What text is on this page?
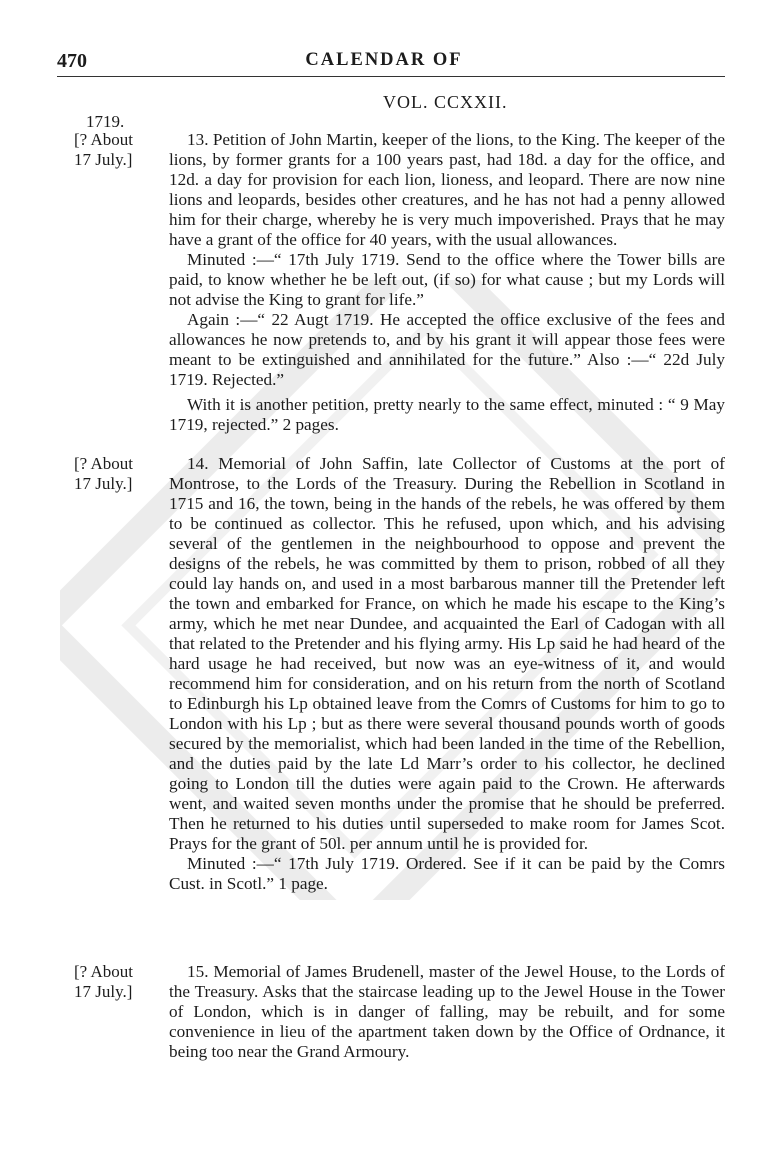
470	CALENDAR OF
1719.
VOL. CCXXII.
[? About
17 July.]

13. Petition of John Martin, keeper of the lions, to the King. The keeper of the lions, by former grants for a 100 years past, had 18d. a day for the office, and 12d. a day for provision for each lion, lioness, and leopard. There are now nine lions and leopards, besides other creatures, and he has not had a penny allowed him for their charge, whereby he is very much impoverished. Prays that he may have a grant of the office for 40 years, with the usual allowances.

Minuted :—“ 17th July 1719. Send to the office where the Tower bills are paid, to know whether he be left out, (if so) for what cause ; but my Lords will not advise the King to grant for life.”

Again :—“ 22 Augt 1719. He accepted the office exclusive of the fees and allowances he now pretends to, and by his grant it will appear those fees were meant to be extinguished and annihilated for the future.” Also :—“ 22d July 1719. Rejected.”

With it is another petition, pretty nearly to the same effect, minuted : “ 9 May 1719, rejected.” 2 pages.

[? About
17 July.]

14. Memorial of John Saffin, late Collector of Customs at the port of Montrose, to the Lords of the Treasury. During the Rebellion in Scotland in 1715 and 16, the town, being in the hands of the rebels, he was offered by them to be continued as collector. This he refused, upon which, and his advising several of the gentlemen in the neighbourhood to oppose and prevent the designs of the rebels, he was committed by them to prison, robbed of all they could lay hands on, and used in a most barbarous manner till the Pretender left the town and embarked for France, on which he made his escape to the King’s army, which he met near Dundee, and acquainted the Earl of Cadogan with all that related to the Pretender and his flying army. His Lp said he had heard of the hard usage he had received, but now was an eye-witness of it, and would recommend him for consideration, and on his return from the north of Scotland to Edinburgh his Lp obtained leave from the Comrs of Customs for him to go to London with his Lp ; but as there were several thousand pounds worth of goods secured by the memorialist, which had been landed in the time of the Rebellion, and the duties paid by the late Ld Marr’s order to his collector, he declined going to London till the duties were again paid to the Crown. He afterwards went, and waited seven months under the promise that he should be preferred. Then he returned to his duties until superseded to make room for James Scot. Prays for the grant of 50l. per annum until he is provided for.

Minuted :—“ 17th July 1719. Ordered. See if it can be paid by the Comrs Cust. in Scotl.” 1 page.

[? About
17 July.]

15. Memorial of James Brudenell, master of the Jewel House, to the Lords of the Treasury. Asks that the staircase leading up to the Jewel House in the Tower of London, which is in danger of falling, may be rebuilt, and for some convenience in lieu of the apartment taken down by the Office of Ordnance, it being too near the Grand Armoury.
